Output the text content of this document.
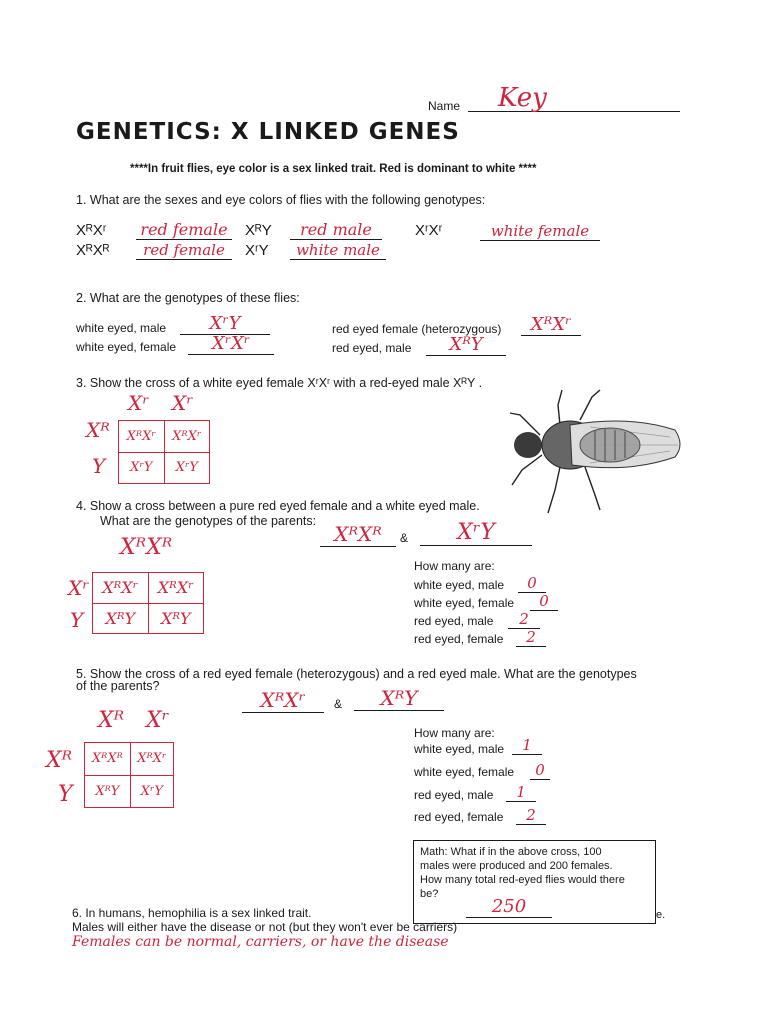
Name	Key
GENETICS: X LINKED GENES
****In fruit flies, eye color is a sex linked trait. Red is dominant to white ****
1. What are the sexes and eye colors of flies with the following genotypes:
XᴿXʳ red female XᴿY	red male	XʳXʳ	white female
XᴿXᴿ	red female	XʳY	white male
2. What are the genotypes of these flies:
white eyed, male	XʳY
white eyed, female	XʳXʳ
red eyed female (heterozygous)	XᴿXʳ
red eyed, male	XᴿY
3. Show the cross of a white eyed female XʳXʳ with a red-eyed male XᴿY .
Xʳ Xʳ
Xᴿ
Y
XᴿXʳ	XᴿXʳ
XʳY	XʳY
4. Show a cross between a pure red eyed female and a white eyed male.
What are the genotypes of the parents:
XᴿXᴿ	&	XʳY
XᴿXᴿ
Xʳ
Y
XᴿXʳ	XᴿXʳ
XᴿY	XᴿY
How many are:
white eyed, male	0
white eyed, female	0
red eyed, male	2
red eyed, female	2
5. Show the cross of a red eyed female (heterozygous) and a red eyed male. What are the genotypes
of the parents?
XᴿXʳ	&	XᴿY
Xᴿ Xʳ
Xᴿ
Y
XᴿXᴿ	XᴿXʳ
XᴿY	XʳY
How many are:
white eyed, male	1
white eyed, female	0
red eyed, male	1
red eyed, female	2
Math: What if in the above cross, 100
males were produced and 200 females.
How many total red-eyed flies would there
be?
250	e.
6. In humans, hemophilia is a sex linked trait.
Males will either have the disease or not (but they won't ever be carriers)
Females can be normal, carriers, or have the disease
